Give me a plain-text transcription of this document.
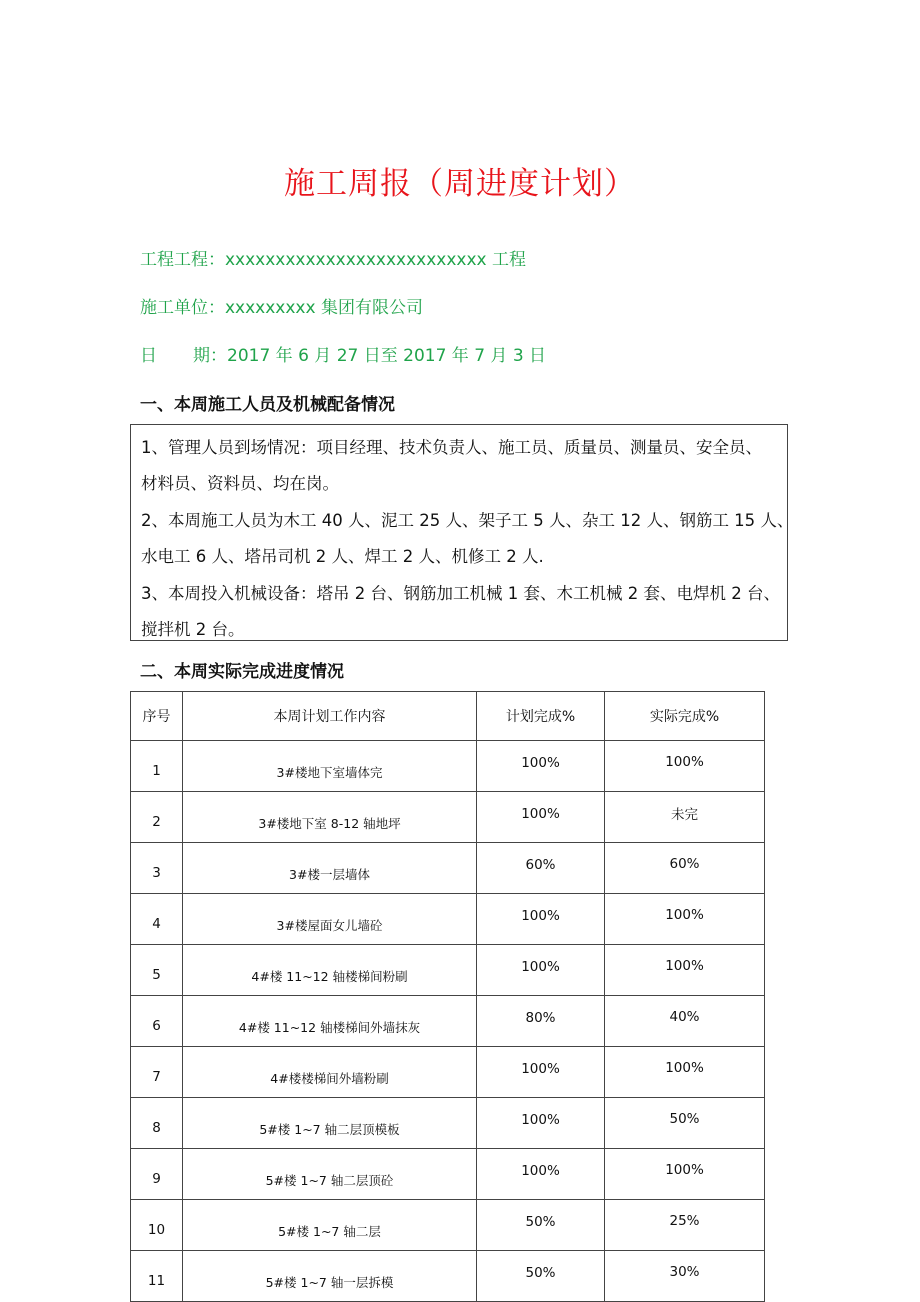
施工周报（周进度计划）
工程工程：xxxxxxxxxxxxxxxxxxxxxxxxxx 工程
施工单位：xxxxxxxxx 集团有限公司
日 期：2017 年 6 月 27 日至 2017 年 7 月 3 日
一、本周施工人员及机械配备情况
1、管理人员到场情况：项目经理、技术负责人、施工员、质量员、测量员、安全员、
材料员、资料员、均在岗。
2、本周施工人员为木工 40 人、泥工 25 人、架子工 5 人、杂工 12 人、钢筋工 15 人、
水电工 6 人、塔吊司机 2 人、焊工 2 人、机修工 2 人.
3、本周投入机械设备：塔吊 2 台、钢筋加工机械 1 套、木工机械 2 套、电焊机 2 台、
搅拌机 2 台。
二、本周实际完成进度情况
序号	本周计划工作内容	计划完成%	实际完成%
1	3#楼地下室墙体完	100%	100%
2	3#楼地下室 8-12 轴地坪	100%	未完
3	3#楼一层墙体	60%	60%
4	3#楼屋面女儿墙砼	100%	100%
5	4#楼 11~12 轴楼梯间粉刷	100%	100%
6	4#楼 11~12 轴楼梯间外墙抹灰	80%	40%
7	4#楼楼梯间外墙粉刷	100%	100%
8	5#楼 1~7 轴二层顶模板	100%	50%
9	5#楼 1~7 轴二层顶砼	100%	100%
10	5#楼 1~7 轴二层	50%	25%
11	5#楼 1~7 轴一层拆模	50%	30%
